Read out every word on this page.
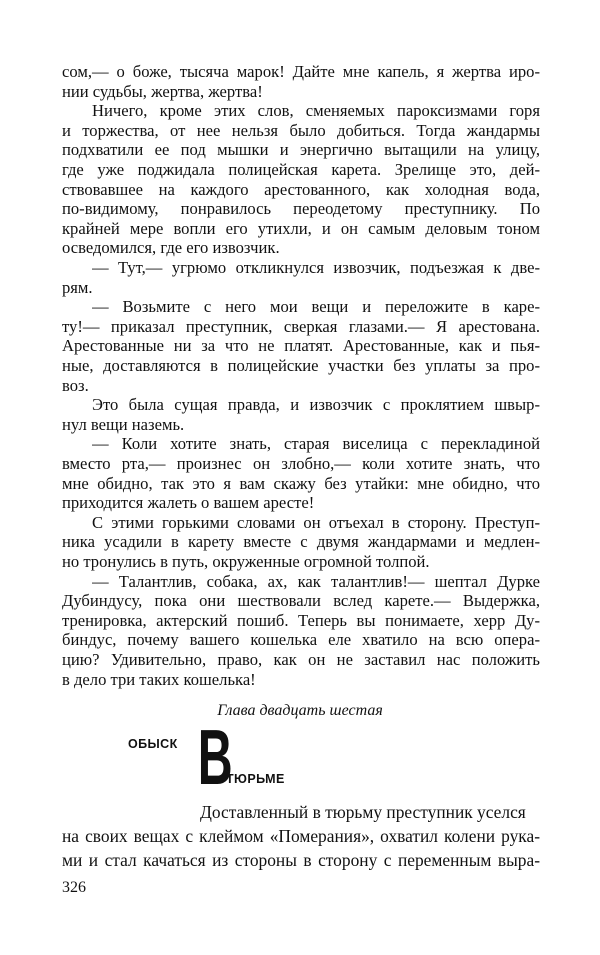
сом,— о боже, тысяча марок! Дайте мне капель, я жертва иро-
нии судьбы, жертва, жертва!
Ничего, кроме этих слов, сменяемых пароксизмами горя
и торжества, от нее нельзя было добиться. Тогда жандармы
подхватили ее под мышки и энергично вытащили на улицу,
где уже поджидала полицейская карета. Зрелище это, дей-
ствовавшее на каждого арестованного, как холодная вода,
по-видимому, понравилось переодетому преступнику. По
крайней мере вопли его утихли, и он самым деловым тоном
осведомился, где его извозчик.
— Тут,— угрюмо откликнулся извозчик, подъезжая к две-
рям.
— Возьмите с него мои вещи и переложите в каре-
ту!— приказал преступник, сверкая глазами.— Я арестована.
Арестованные ни за что не платят. Арестованные, как и пья-
ные, доставляются в полицейские участки без уплаты за про-
воз.
Это была сущая правда, и извозчик с проклятием швыр-
нул вещи наземь.
— Коли хотите знать, старая виселица с перекладиной
вместо рта,— произнес он злобно,— коли хотите знать, что
мне обидно, так это я вам скажу без утайки: мне обидно, что
приходится жалеть о вашем аресте!
С этими горькими словами он отъехал в сторону. Преступ-
ника усадили в карету вместе с двумя жандармами и медлен-
но тронулись в путь, окруженные огромной толпой.
— Талантлив, собака, ах, как талантлив!— шептал Дурке
Дубиндусу, пока они шествовали вслед карете.— Выдержка,
тренировка, актерский пошиб. Теперь вы понимаете, херр Ду-
биндус, почему вашего кошелька еле хватило на всю опера-
цию? Удивительно, право, как он не заставил нас положить
в дело три таких кошелька!
Глава двадцать шестая
ОБЫСК В
ТЮРЬМЕ
Доставленный в тюрьму преступник уселся
на своих вещах с клеймом «Померания», охватил колени рука-
ми и стал качаться из стороны в сторону с переменным выра-
326
